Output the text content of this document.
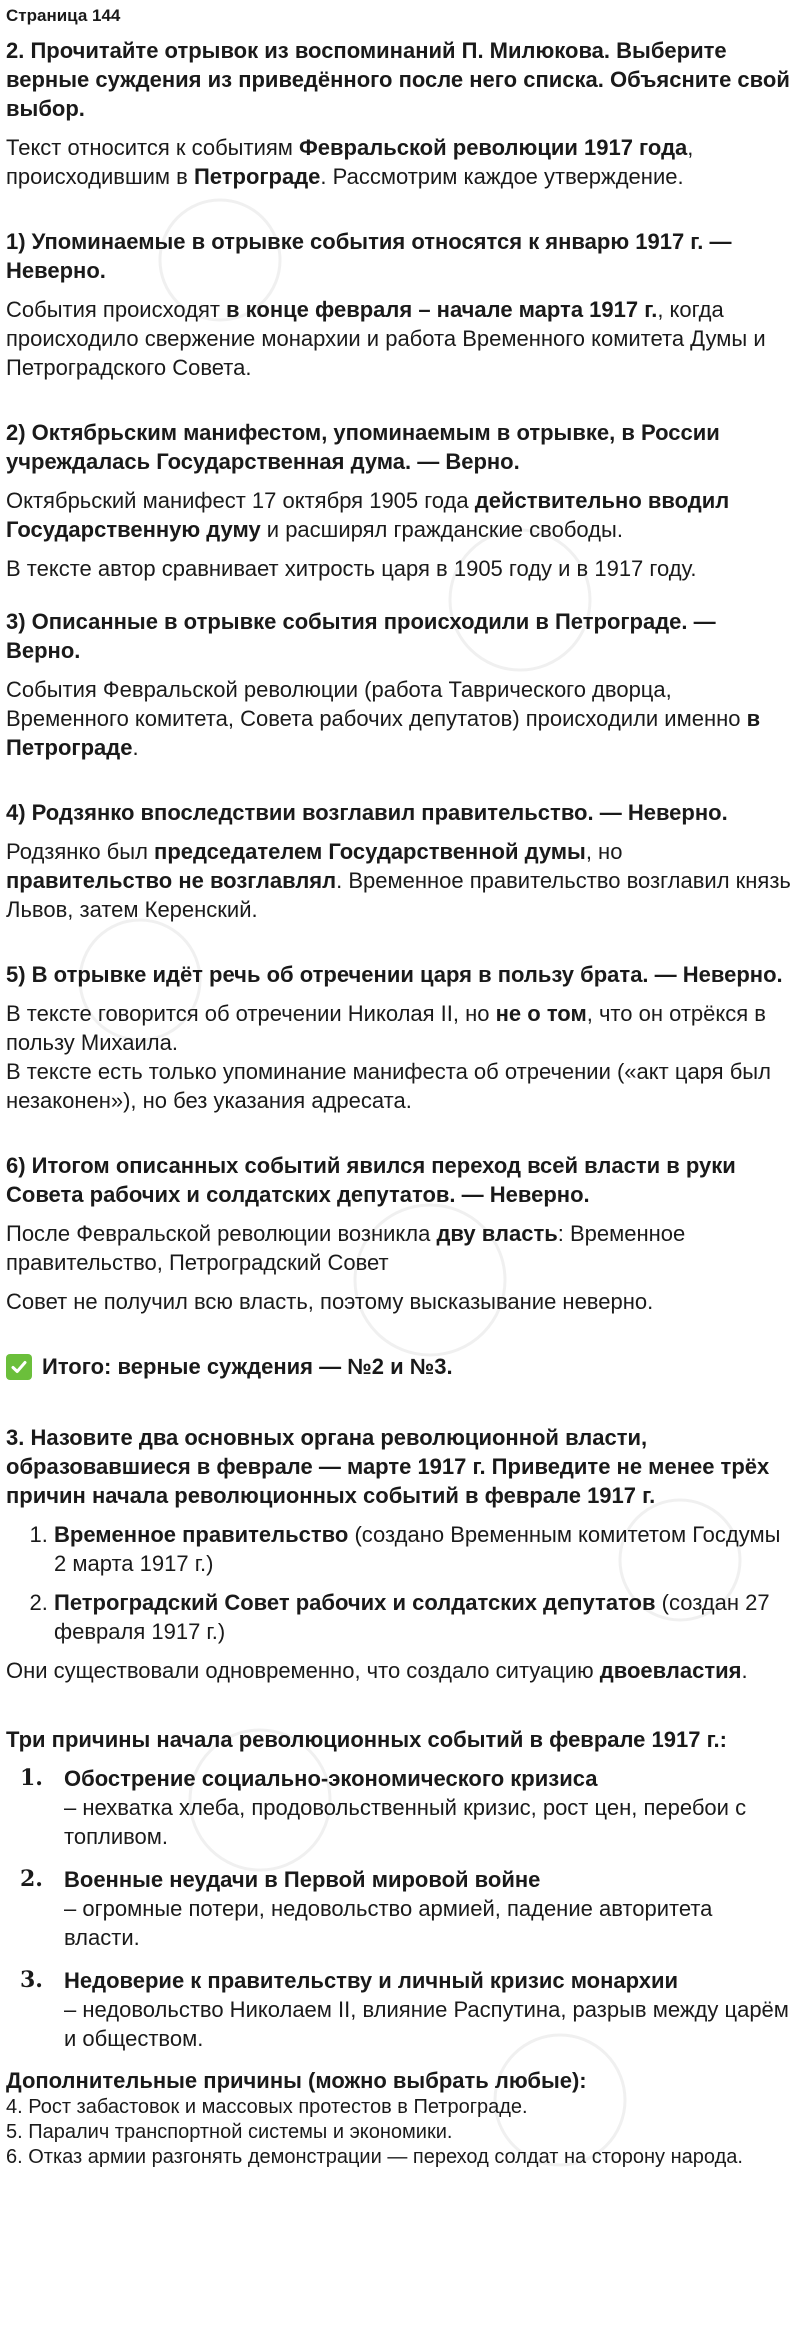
Страница 144
2. Прочитайте отрывок из воспоминаний П. Милюкова. Выберите верные суждения из приведённого после него списка. Объясните свой выбор.

Текст относится к событиям Февральской революции 1917 года, происходившим в Петрограде. Рассмотрим каждое утверждение.

1) Упоминаемые в отрывке события относятся к январю 1917 г. — Неверно.

События происходят в конце февраля – начале марта 1917 г., когда происходило свержение монархии и работа Временного комитета Думы и Петроградского Совета.

2) Октябрьским манифестом, упоминаемым в отрывке, в России учреждалась Государственная дума. — Верно.

Октябрьский манифест 17 октября 1905 года действительно вводил Государственную думу и расширял гражданские свободы.

В тексте автор сравнивает хитрость царя в 1905 году и в 1917 году.

3) Описанные в отрывке события происходили в Петрограде. — Верно.

События Февральской революции (работа Таврического дворца, Временного комитета, Совета рабочих депутатов) происходили именно в Петрограде.

4) Родзянко впоследствии возглавил правительство. — Неверно.

Родзянко был председателем Государственной думы, но правительство не возглавлял. Временное правительство возглавил князь Львов, затем Керенский.

5) В отрывке идёт речь об отречении царя в пользу брата. — Неверно.

В тексте говорится об отречении Николая II, но не о том, что он отрёкся в пользу Михаила.

В тексте есть только упоминание манифеста об отречении («акт царя был незаконен»), но без указания адресата.

6) Итогом описанных событий явился переход всей власти в руки Совета рабочих и солдатских депутатов. — Неверно.

После Февральской революции возникла дву власть: Временное правительство, Петроградский Совет

Совет не получил всю власть, поэтому высказывание неверно.

Итого: верные суждения — №2 и №3.
3. Назовите два основных органа революционной власти, образовавшиеся в феврале — марте 1917 г. Приведите не менее трёх причин начала революционных событий в феврале 1917 г.
1. Временное правительство (создано Временным комитетом Госдумы 2 марта 1917 г.)
2. Петроградский Совет рабочих и солдатских депутатов (создан 27 февраля 1917 г.)

Они существовали одновременно, что создало ситуацию двоевластия.

Три причины начала революционных событий в феврале 1917 г.:
1. Обострение социально-экономического кризиса
– нехватка хлеба, продовольственный кризис, рост цен, перебои с топливом.
2. Военные неудачи в Первой мировой войне
– огромные потери, недовольство армией, падение авторитета власти.
3. Недоверие к правительству и личный кризис монархии
– недовольство Николаем II, влияние Распутина, разрыв между царём и обществом.
Дополнительные причины (можно выбрать любые):

4. Рост забастовок и массовых протестов в Петрограде.

5. Паралич транспортной системы и экономики.

6. Отказ армии разгонять демонстрации — переход солдат на сторону народа.
